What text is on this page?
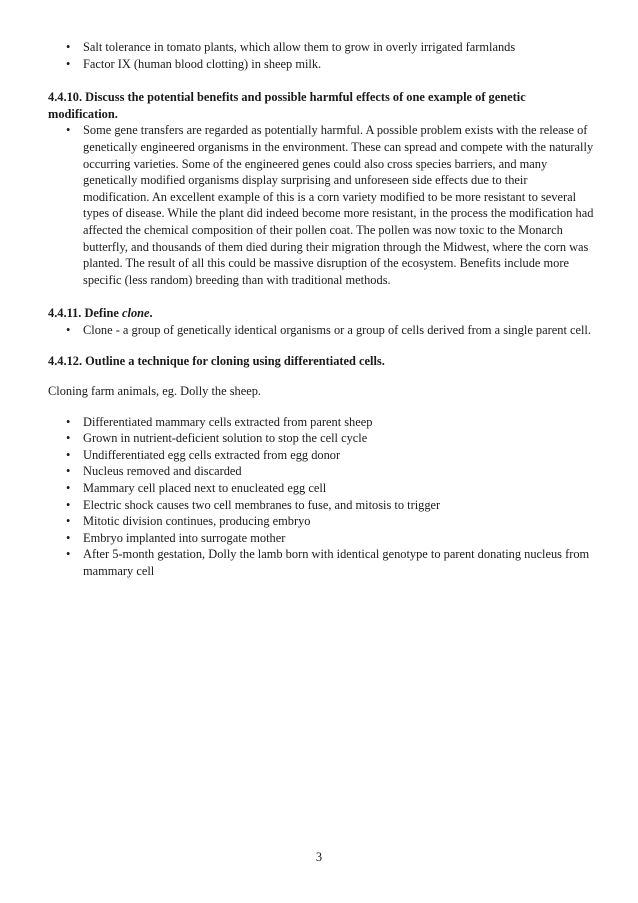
• Salt tolerance in tomato plants, which allow them to grow in overly irrigated farmlands
• Factor IX (human blood clotting) in sheep milk.

4.4.10. Discuss the potential benefits and possible harmful effects of one example of genetic modification.

• Some gene transfers are regarded as potentially harmful. A possible problem exists with the release of genetically engineered organisms in the environment. These can spread and compete with the naturally occurring varieties. Some of the engineered genes could also cross species barriers, and many genetically modified organisms display surprising and unforeseen side effects due to their modification. An excellent example of this is a corn variety modified to be more resistant to several types of disease. While the plant did indeed become more resistant, in the process the modification had affected the chemical composition of their pollen coat. The pollen was now toxic to the Monarch butterfly, and thousands of them died during their migration through the Midwest, where the corn was planted. The result of all this could be massive disruption of the ecosystem. Benefits include more specific (less random) breeding than with traditional methods.

4.4.11. Define clone.

• Clone - a group of genetically identical organisms or a group of cells derived from a single parent cell.

4.4.12. Outline a technique for cloning using differentiated cells.

Cloning farm animals, eg. Dolly the sheep.

• Differentiated mammary cells extracted from parent sheep
• Grown in nutrient-deficient solution to stop the cell cycle
• Undifferentiated egg cells extracted from egg donor
• Nucleus removed and discarded
• Mammary cell placed next to enucleated egg cell
• Electric shock causes two cell membranes to fuse, and mitosis to trigger
• Mitotic division continues, producing embryo
• Embryo implanted into surrogate mother
• After 5-month gestation, Dolly the lamb born with identical genotype to parent donating nucleus from mammary cell
3
